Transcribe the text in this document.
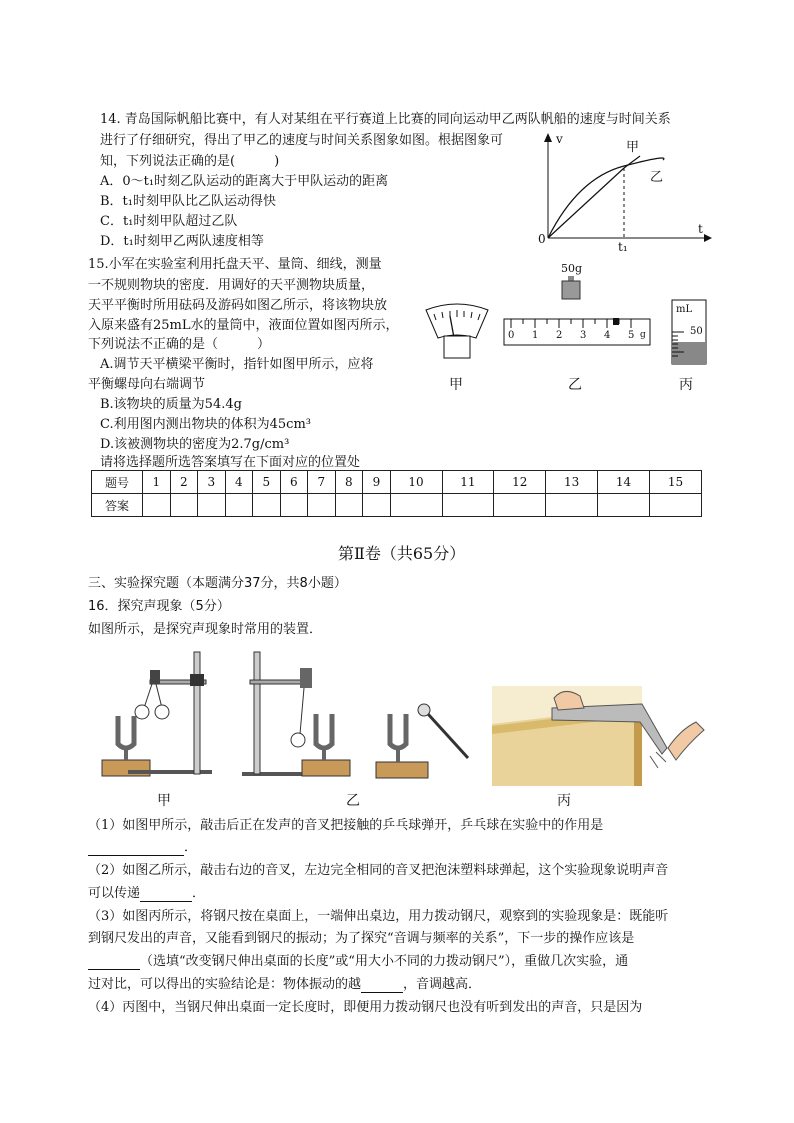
14. 青岛国际帆船比赛中，有人对某组在平行赛道上比赛的同向运动甲乙两队帆船的速度与时间关系
进行了仔细研究，得出了甲乙的速度与时间关系图象如图。根据图象可
知，下列说法正确的是(　　　)
A．0～t₁时刻乙队运动的距离大于甲队运动的距离
B．t₁时刻甲队比乙队运动得快
C．t₁时刻甲队超过乙队
D．t₁时刻甲乙两队速度相等
v
t
0
t₁
甲
乙
15.小军在实验室利用托盘天平、量筒、细线，测量
一不规则物块的密度．用调好的天平测物块质量，
天平平衡时所用砝码及游码如图乙所示，将该物块放
入原来盛有25mL水的量筒中，液面位置如图丙所示，
下列说法不正确的是（　　　）
A.调节天平横梁平衡时，指针如图甲所示，应将
平衡螺母向右端调节
B.该物块的质量为54.4g
C.利用图内测出物块的体积为45cm³
D.该被测物块的密度为2.7g/cm³
甲
50g
0 1 2 3 4 5 g
乙
mL
50
丙
请将选择题所选答案填写在下面对应的位置处
题号	1	2	3	4	5	6	7	8	9	10	11	12	13	14	15
答案															
第Ⅱ卷（共65分）
三、实验探究题（本题满分37分，共8小题）
16．探究声现象（5分）
如图所示，是探究声现象时常用的装置．
甲	乙	丙
（1）如图甲所示，敲击后正在发声的音叉把接触的乒乓球弹开，乒乓球在实验中的作用是
．
（2）如图乙所示，敲击右边的音叉，左边完全相同的音叉把泡沫塑料球弹起，这个实验现象说明声音
可以传递	．
（3）如图丙所示，将钢尺按在桌面上，一端伸出桌边，用力拨动钢尺，观察到的实验现象是：既能听
到钢尺发出的声音，又能看到钢尺的振动；为了探究“音调与频率的关系”，下一步的操作应该是
（选填“改变钢尺伸出桌面的长度”或“用大小不同的力拨动钢尺”），重做几次实验，通
过对比，可以得出的实验结论是：物体振动的越	，音调越高．
（4）丙图中，当钢尺伸出桌面一定长度时，即便用力拨动钢尺也没有听到发出的声音，只是因为
